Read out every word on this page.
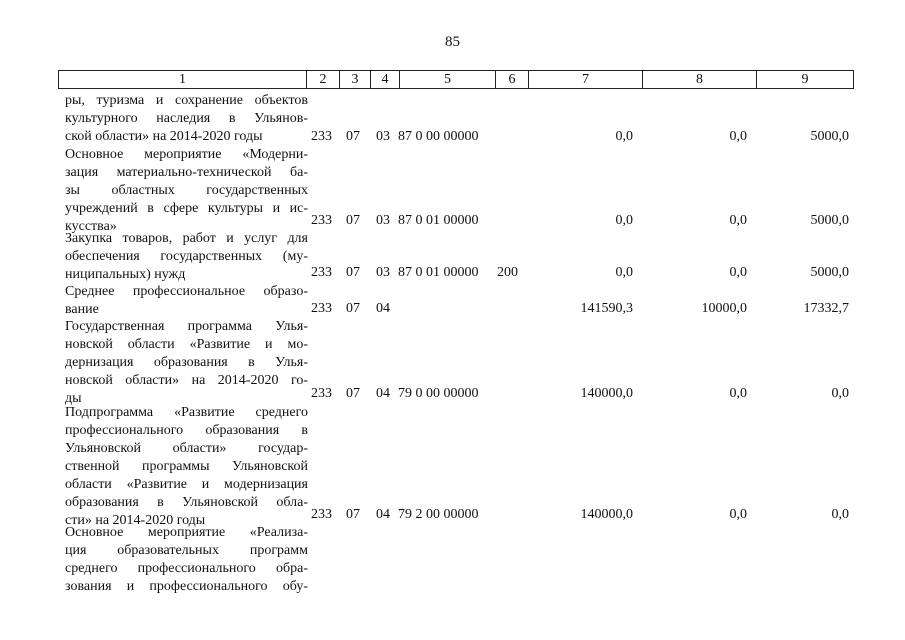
85
1	2	3	4	5	6	7	8	9
ры, туризма и сохранение объектов
культурного наследия в Ульянов-
ской области» на 2014-2020 годы	233 07 03 87 0 00 00000	0,0	0,0	5000,0
Основное мероприятие «Модерни-
зация материально-технической ба-
зы областных государственных
учреждений в сфере культуры и ис-
кусства»	233 07 03 87 0 01 00000	0,0	0,0	5000,0
Закупка товаров, работ и услуг для
обеспечения государственных (му-
ниципальных) нужд	233 07 03 87 0 01 00000 200	0,0	0,0	5000,0
Среднее профессиональное образо-
вание	233 07 04	141590,3	10000,0	17332,7
Государственная программа Улья-
новской области «Развитие и мо-
дернизация образования в Улья-
новской области» на 2014-2020 го-
ды	233 07 04 79 0 00 00000	140000,0	0,0	0,0
Подпрограмма «Развитие среднего
профессионального образования в
Ульяновской области» государ-
ственной программы Ульяновской
области «Развитие и модернизация
образования в Ульяновской обла-
сти» на 2014-2020 годы	233 07 04 79 2 00 00000	140000,0	0,0	0,0
Основное мероприятие «Реализа-
ция образовательных программ
среднего профессионального обра-
зования и профессионального обу-
